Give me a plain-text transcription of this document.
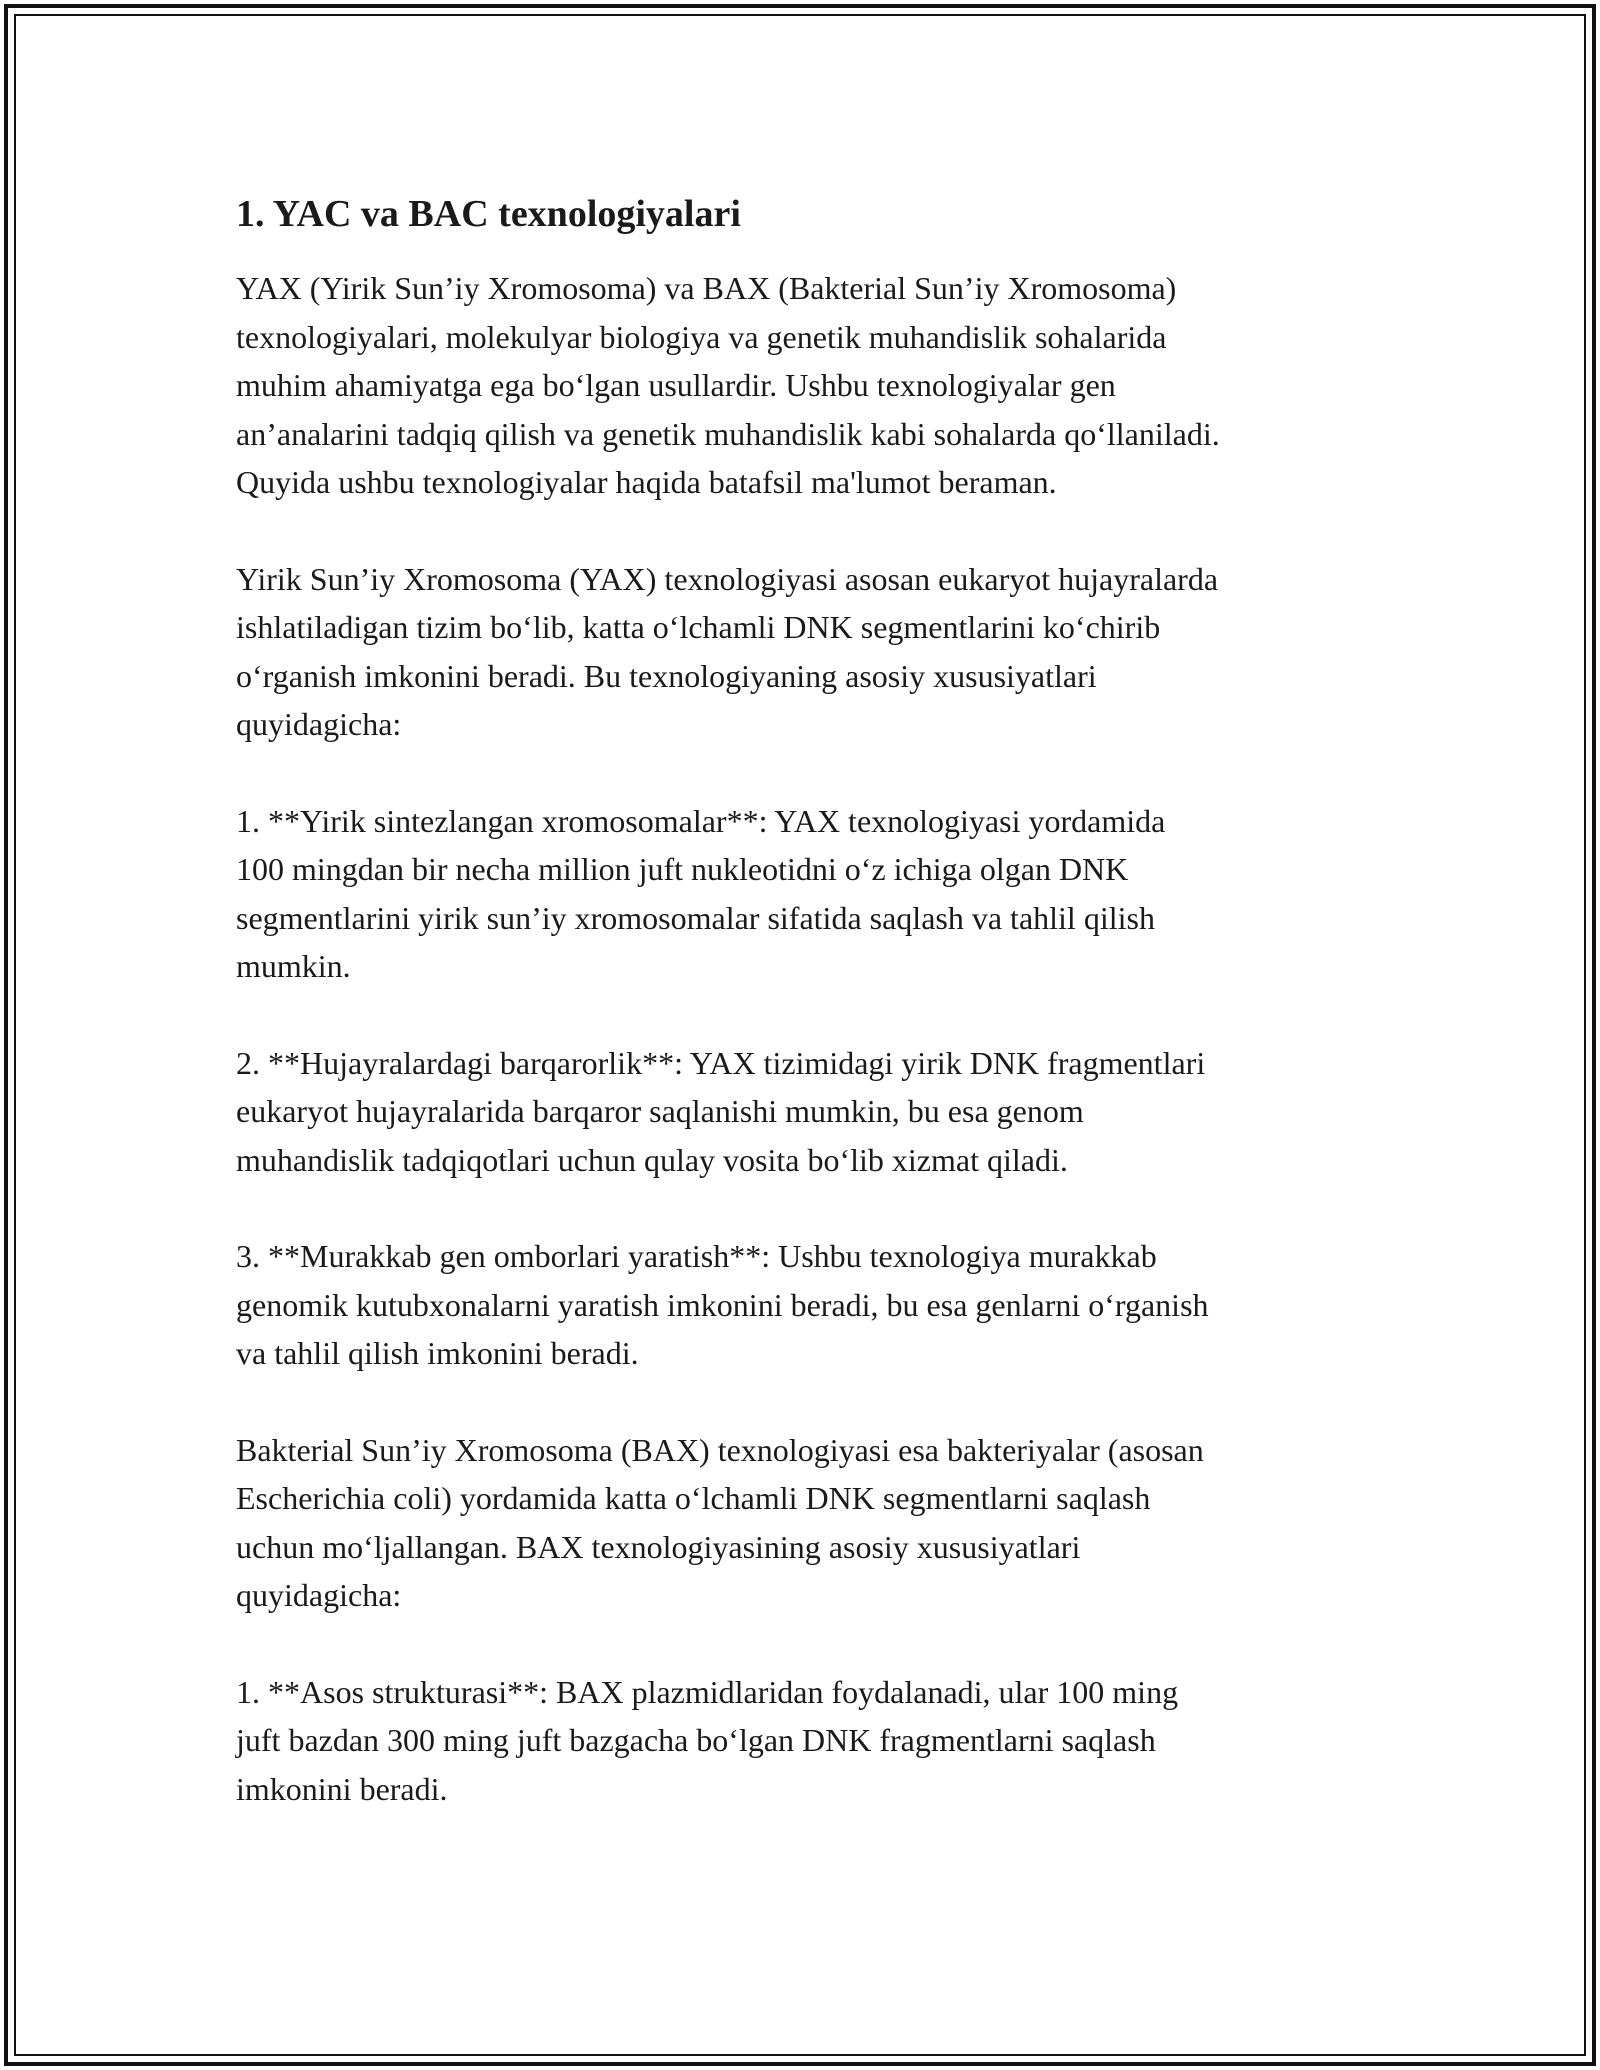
1. YAC va BAC texnologiyalari

YAX (Yirik Sun’iy Xromosoma) va BAX (Bakterial Sun’iy Xromosoma)
texnologiyalari, molekulyar biologiya va genetik muhandislik sohalarida
muhim ahamiyatga ega bo‘lgan usullardir. Ushbu texnologiyalar gen
an’analarini tadqiq qilish va genetik muhandislik kabi sohalarda qo‘llaniladi.
Quyida ushbu texnologiyalar haqida batafsil ma'lumot beraman.

Yirik Sun’iy Xromosoma (YAX) texnologiyasi asosan eukaryot hujayralarda
ishlatiladigan tizim bo‘lib, katta o‘lchamli DNK segmentlarini ko‘chirib
o‘rganish imkonini beradi. Bu texnologiyaning asosiy xususiyatlari
quyidagicha:

1. **Yirik sintezlangan xromosomalar**: YAX texnologiyasi yordamida
100 mingdan bir necha million juft nukleotidni o‘z ichiga olgan DNK
segmentlarini yirik sun’iy xromosomalar sifatida saqlash va tahlil qilish
mumkin.

2. **Hujayralardagi barqarorlik**: YAX tizimidagi yirik DNK fragmentlari
eukaryot hujayralarida barqaror saqlanishi mumkin, bu esa genom
muhandislik tadqiqotlari uchun qulay vosita bo‘lib xizmat qiladi.

3. **Murakkab gen omborlari yaratish**: Ushbu texnologiya murakkab
genomik kutubxonalarni yaratish imkonini beradi, bu esa genlarni o‘rganish
va tahlil qilish imkonini beradi.

Bakterial Sun’iy Xromosoma (BAX) texnologiyasi esa bakteriyalar (asosan
Escherichia coli) yordamida katta o‘lchamli DNK segmentlarni saqlash
uchun mo‘ljallangan. BAX texnologiyasining asosiy xususiyatlari
quyidagicha:

1. **Asos strukturasi**: BAX plazmidlaridan foydalanadi, ular 100 ming
juft bazdan 300 ming juft bazgacha bo‘lgan DNK fragmentlarni saqlash
imkonini beradi.
